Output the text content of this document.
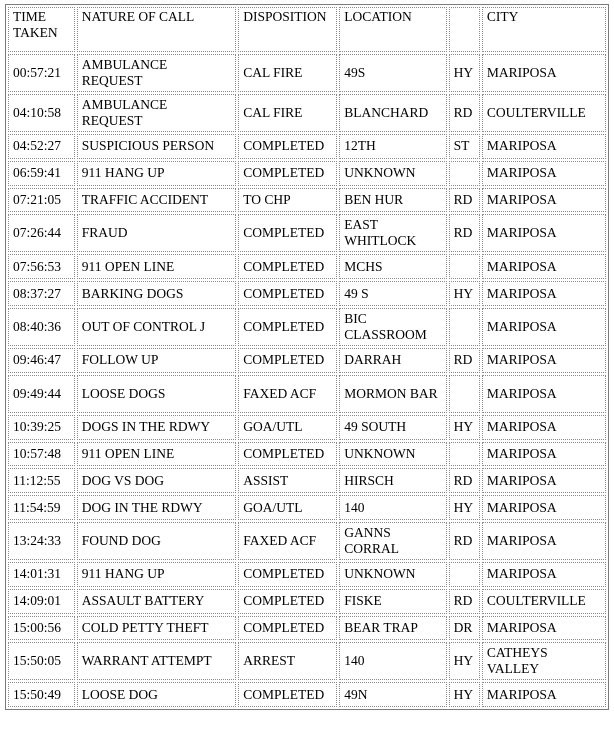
TIME TAKEN	NATURE OF CALL	DISPOSITION	LOCATION		CITY
00:57:21	AMBULANCE REQUEST	CAL FIRE	49S	HY	MARIPOSA
04:10:58	AMBULANCE REQUEST	CAL FIRE	BLANCHARD	RD	COULTERVILLE
04:52:27	SUSPICIOUS PERSON	COMPLETED	12TH	ST	MARIPOSA
06:59:41	911 HANG UP	COMPLETED	UNKNOWN		MARIPOSA
07:21:05	TRAFFIC ACCIDENT	TO CHP	BEN HUR	RD	MARIPOSA
07:26:44	FRAUD	COMPLETED	EAST WHITLOCK	RD	MARIPOSA
07:56:53	911 OPEN LINE	COMPLETED	MCHS		MARIPOSA
08:37:27	BARKING DOGS	COMPLETED	49 S	HY	MARIPOSA
08:40:36	OUT OF CONTROL J	COMPLETED	BIC CLASSROOM		MARIPOSA
09:46:47	FOLLOW UP	COMPLETED	DARRAH	RD	MARIPOSA
09:49:44	LOOSE DOGS	FAXED ACF	MORMON BAR		MARIPOSA
10:39:25	DOGS IN THE RDWY	GOA/UTL	49 SOUTH	HY	MARIPOSA
10:57:48	911 OPEN LINE	COMPLETED	UNKNOWN		MARIPOSA
11:12:55	DOG VS DOG	ASSIST	HIRSCH	RD	MARIPOSA
11:54:59	DOG IN THE RDWY	GOA/UTL	140	HY	MARIPOSA
13:24:33	FOUND DOG	FAXED ACF	GANNS CORRAL	RD	MARIPOSA
14:01:31	911 HANG UP	COMPLETED	UNKNOWN		MARIPOSA
14:09:01	ASSAULT BATTERY	COMPLETED	FISKE	RD	COULTERVILLE
15:00:56	COLD PETTY THEFT	COMPLETED	BEAR TRAP	DR	MARIPOSA
15:50:05	WARRANT ATTEMPT	ARREST	140	HY	CATHEYS VALLEY
15:50:49	LOOSE DOG	COMPLETED	49N	HY	MARIPOSA
